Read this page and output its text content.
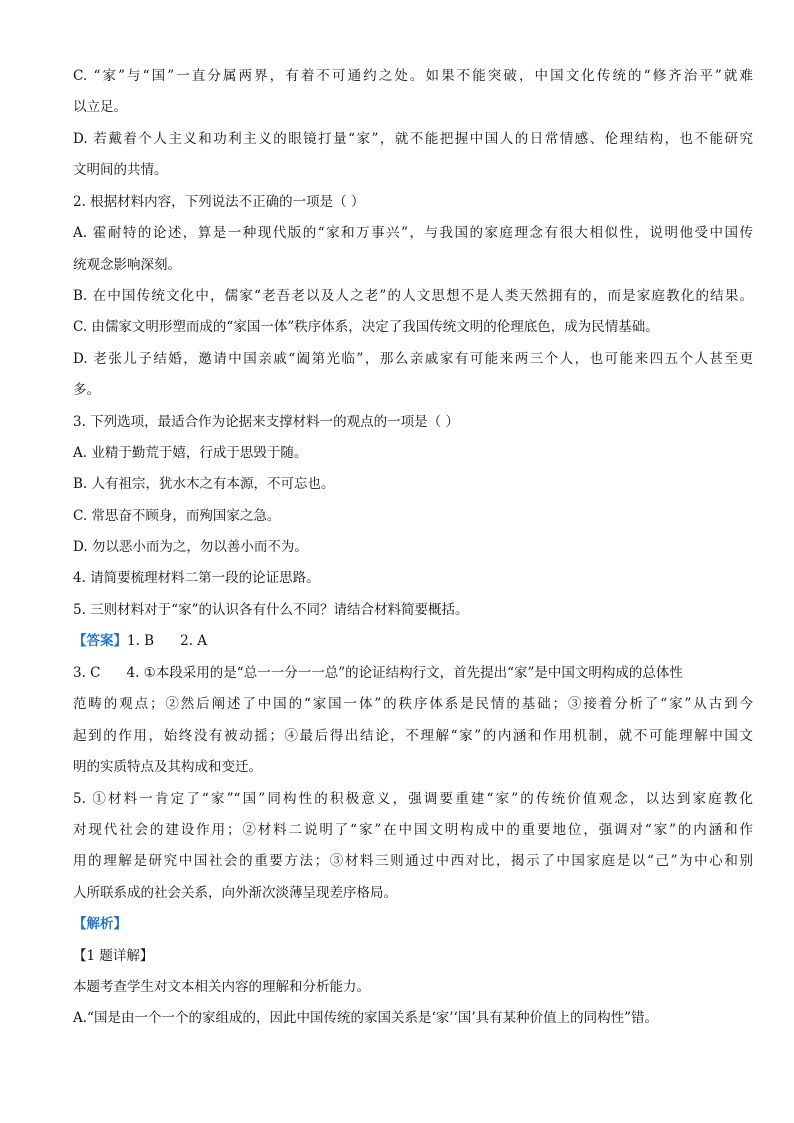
C. “家”与“国”一直分属两界，有着不可通约之处。如果不能突破，中国文化传统的“修齐治平”就难
以立足。
D. 若戴着个人主义和功利主义的眼镜打量“家”，就不能把握中国人的日常情感、伦理结构，也不能研究
文明间的共情。
2. 根据材料内容，下列说法不正确的一项是（ ）
A. 霍耐特的论述，算是一种现代版的“家和万事兴”，与我国的家庭理念有很大相似性，说明他受中国传
统观念影响深刻。
B. 在中国传统文化中，儒家“老吾老以及人之老”的人文思想不是人类天然拥有的，而是家庭教化的结果。
C. 由儒家文明形塑而成的“家国一体”秩序体系，决定了我国传统文明的伦理底色，成为民情基础。
D. 老张儿子结婚，邀请中国亲戚“阖第光临”，那么亲戚家有可能来两三个人，也可能来四五个人甚至更
多。
3. 下列选项，最适合作为论据来支撑材料一的观点的一项是（ ）
A. 业精于勤荒于嬉，行成于思毁于随。
B. 人有祖宗，犹水木之有本源，不可忘也。
C. 常思奋不顾身，而殉国家之急。
D. 勿以恶小而为之，勿以善小而不为。
4. 请简要梳理材料二第一段的论证思路。
5. 三则材料对于“家”的认识各有什么不同？请结合材料简要概括。
【答案】1. B 2. A
3. C 4. ①本段采用的是“总一一分一一总”的论证结构行文，首先提出“家”是中国文明构成的总体性
范畴的观点；②然后阐述了中国的“家国一体”的秩序体系是民情的基础；③接着分析了“家”从古到今
起到的作用，始终没有被动摇；④最后得出结论，不理解“家”的内涵和作用机制，就不可能理解中国文
明的实质特点及其构成和变迁。
5. ①材料一肯定了“家”“国”同构性的积极意义，强调要重建“家”的传统价值观念，以达到家庭教化
对现代社会的建设作用；②材料二说明了“家”在中国文明构成中的重要地位，强调对“家”的内涵和作
用的理解是研究中国社会的重要方法；③材料三则通过中西对比，揭示了中国家庭是以“己”为中心和别
人所联系成的社会关系，向外渐次淡薄呈现差序格局。
【解析】
【1 题详解】
本题考查学生对文本相关内容的理解和分析能力。
A.“国是由一个一个的家组成的，因此中国传统的家国关系是‘家’‘国’具有某种价值上的同构性”错。
